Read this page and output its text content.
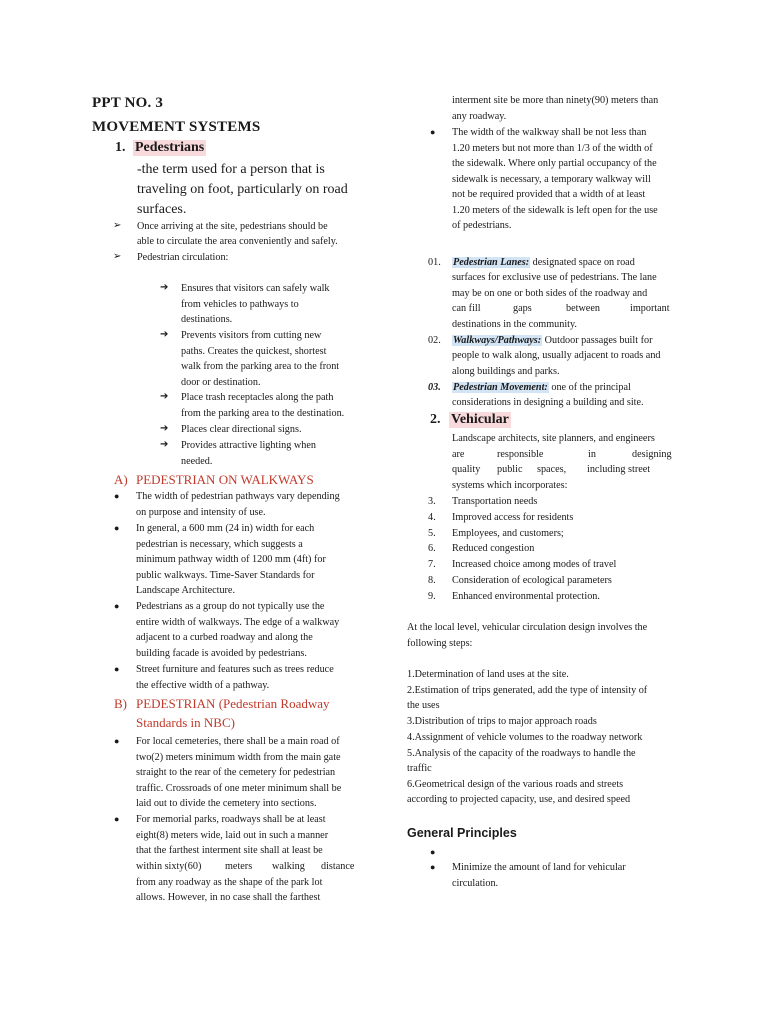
PPT NO. 3
MOVEMENT SYSTEMS
1. Pedestrians
-the term used for a person that is
traveling on foot, particularly on road
surfaces.
➢ Once arriving at the site, pedestrians should be
able to circulate the area conveniently and safely.
➢ Pedestrian circulation:
➔ Ensures that visitors can safely walk
from vehicles to pathways to
destinations.
➔ Prevents visitors from cutting new
paths. Creates the quickest, shortest
walk from the parking area to the front
door or destination.
➔ Place trash receptacles along the path
from the parking area to the destination.
➔ Places clear directional signs.
➔ Provides attractive lighting when
needed.
A) PEDESTRIAN ON WALKWAYS
● The width of pedestrian pathways vary depending
on purpose and intensity of use.
● In general, a 600 mm (24 in) width for each
pedestrian is necessary, which suggests a
minimum pathway width of 1200 mm (4ft) for
public walkways. Time-Saver Standards for
Landscape Architecture.
● Pedestrians as a group do not typically use the
entire width of walkways. The edge of a walkway
adjacent to a curbed roadway and along the
building facade is avoided by pedestrians.
● Street furniture and features such as trees reduce
the effective width of a pathway.
B) PEDESTRIAN (Pedestrian Roadway
Standards in NBC)
● For local cemeteries, there shall be a main road of
two(2) meters minimum width from the main gate
straight to the rear of the cemetery for pedestrian
traffic. Crossroads of one meter minimum shall be
laid out to divide the cemetery into sections.
● For memorial parks, roadways shall be at least
eight(8) meters wide, laid out in such a manner
that the farthest interment site shall at least be
within sixty(60) meters walking distance
from any roadway as the shape of the park lot
allows. However, in no case shall the farthest
interment site be more than ninety(90) meters than
any roadway.
● The width of the walkway shall be not less than
1.20 meters but not more than 1/3 of the width of
the sidewalk. Where only partial occupancy of the
sidewalk is necessary, a temporary walkway will
not be required provided that a width of at least
1.20 meters of the sidewalk is left open for the use
of pedestrians.
01. Pedestrian Lanes: designated space on road
surfaces for exclusive use of pedestrians. The lane
may be on one or both sides of the roadway and
can fill	gaps	between	important
destinations in the community.
02. Walkways/Pathways: Outdoor passages built for
people to walk along, usually adjacent to roads and
along buildings and parks.
03. Pedestrian Movement: one of the principal
considerations in designing a building and site.
2. Vehicular
Landscape architects, site planners, and engineers
are	responsible	in	designing
quality public spaces, including street
systems which incorporates:
3. Transportation needs
4. Improved access for residents
5. Employees, and customers;
6. Reduced congestion
7. Increased choice among modes of travel
8. Consideration of ecological parameters
9. Enhanced environmental protection.
At the local level, vehicular circulation design involves the
following steps:
1.Determination of land uses at the site.
2.Estimation of trips generated, add the type of intensity of
the uses
3.Distribution of trips to major approach roads
4.Assignment of vehicle volumes to the roadway network
5.Analysis of the capacity of the roadways to handle the
traffic
6.Geometrical design of the various roads and streets
according to projected capacity, use, and desired speed
General Principles
●
● Minimize the amount of land for vehicular
circulation.
